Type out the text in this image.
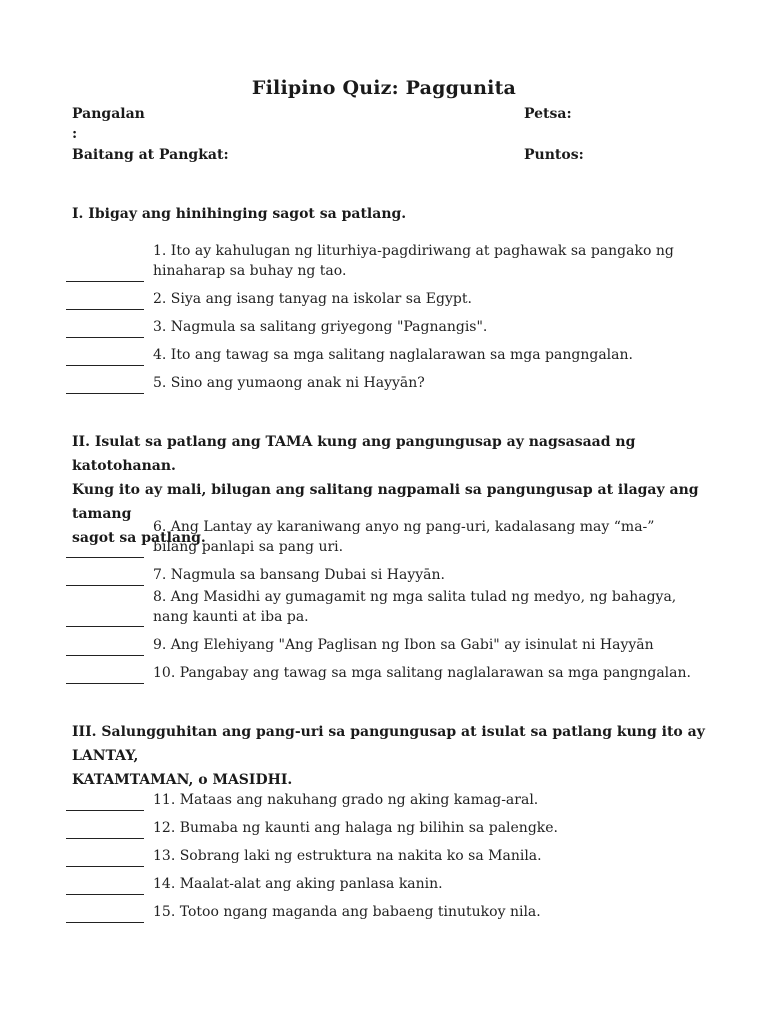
Filipino Quiz: Paggunita
Pangalan
:
Petsa:
Baitang at Pangkat:	Puntos:
I. Ibigay ang hinihinging sagot sa patlang.
1. Ito ay kahulugan ng liturhiya-pagdiriwang at paghawak sa pangako ng
hinaharap sa buhay ng tao.
2. Siya ang isang tanyag na iskolar sa Egypt.
3. Nagmula sa salitang griyegong "Pagnangis".
4. Ito ang tawag sa mga salitang naglalarawan sa mga pangngalan.
5. Sino ang yumaong anak ni Hayyān?
II. Isulat sa patlang ang TAMA kung ang pangungusap ay nagsasaad ng katotohanan.
Kung ito ay mali, bilugan ang salitang nagpamali sa pangungusap at ilagay ang tamang
sagot sa patlang.
6. Ang Lantay ay karaniwang anyo ng pang-uri, kadalasang may “ma-”
bilang panlapi sa pang uri.
7. Nagmula sa bansang Dubai si Hayyān.
8. Ang Masidhi ay gumagamit ng mga salita tulad ng medyo, ng bahagya,
nang kaunti at iba pa.
9. Ang Elehiyang "Ang Paglisan ng Ibon sa Gabi" ay isinulat ni Hayyān
10. Pangabay ang tawag sa mga salitang naglalarawan sa mga pangngalan.
III. Salungguhitan ang pang-uri sa pangungusap at isulat sa patlang kung ito ay LANTAY,
KATAMTAMAN, o MASIDHI.
11. Mataas ang nakuhang grado ng aking kamag-aral.
12. Bumaba ng kaunti ang halaga ng bilihin sa palengke.
13. Sobrang laki ng estruktura na nakita ko sa Manila.
14. Maalat-alat ang aking panlasa kanin.
15. Totoo ngang maganda ang babaeng tinutukoy nila.
